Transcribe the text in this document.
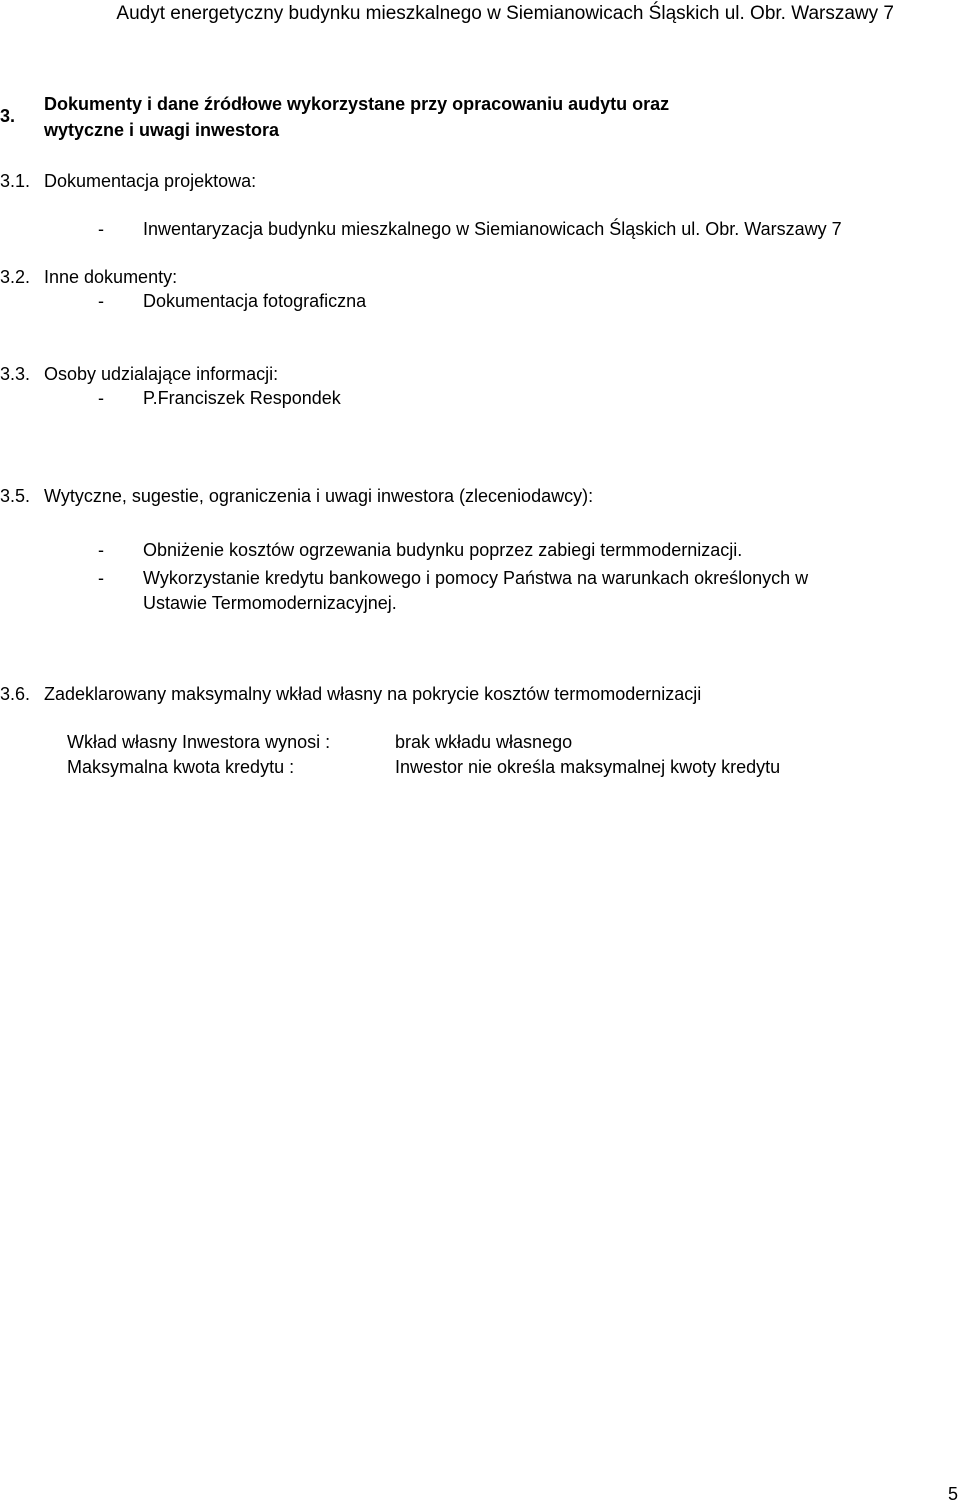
Audyt energetyczny budynku mieszkalnego w Siemianowicach Śląskich ul. Obr. Warszawy 7
3.
Dokumenty i dane źródłowe wykorzystane przy opracowaniu audytu oraz
wytyczne i uwagi inwestora
3.1. Dokumentacja projektowa:
- Inwentaryzacja budynku mieszkalnego w Siemianowicach Śląskich ul. Obr. Warszawy 7
3.2. Inne dokumenty:
- Dokumentacja fotograficzna
3.3. Osoby udzialające informacji:
- P.Franciszek Respondek
3.5. Wytyczne, sugestie, ograniczenia i uwagi inwestora (zleceniodawcy):
- Obniżenie kosztów ogrzewania budynku poprzez zabiegi termmodernizacji.
- Wykorzystanie kredytu bankowego i pomocy Państwa na warunkach określonych w
Ustawie Termomodernizacyjnej.
3.6. Zadeklarowany maksymalny wkład własny na pokrycie kosztów termomodernizacji
Wkład własny Inwestora wynosi :	brak wkładu własnego
Maksymalna kwota kredytu :	Inwestor nie określa maksymalnej kwoty kredytu
5
